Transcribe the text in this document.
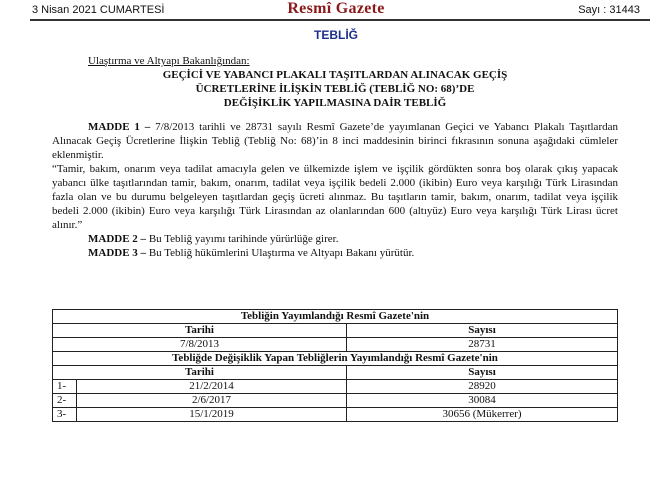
3 Nisan 2021 CUMARTESİ	Resmî Gazete	Sayı : 31443
TEBLİĞ
Ulaştırma ve Altyapı Bakanlığından:
GEÇİCİ VE YABANCI PLAKALI TAŞITLARDAN ALINACAK GEÇİŞ
ÜCRETLERİNE İLİŞKİN TEBLİĞ (TEBLİĞ NO: 68)’DE
DEĞİŞİKLİK YAPILMASINA DAİR TEBLİĞ

MADDE 1 – 7/8/2013 tarihli ve 28731 sayılı Resmî Gazete’de yayımlanan Geçici ve Yabancı Plakalı Taşıtlardan Alınacak Geçiş Ücretlerine İlişkin Tebliğ (Tebliğ No: 68)’in 8 inci maddesinin birinci fıkrasının sonuna aşağıdaki cümleler eklenmiştir.

“Tamir, bakım, onarım veya tadilat amacıyla gelen ve ülkemizde işlem ve işçilik gördükten sonra boş olarak çıkış yapacak yabancı ülke taşıtlarından tamir, bakım, onarım, tadilat veya işçilik bedeli 2.000 (ikibin) Euro veya karşılığı Türk Lirasından fazla olan ve bu durumu belgeleyen taşıtlardan geçiş ücreti alınmaz. Bu taşıtların tamir, bakım, onarım, tadilat veya işçilik bedeli 2.000 (ikibin) Euro veya karşılığı Türk Lirasından az olanlarından 600 (altıyüz) Euro veya karşılığı Türk Lirası ücret alınır.”

MADDE 2 – Bu Tebliğ yayımı tarihinde yürürlüğe girer.

MADDE 3 – Bu Tebliğ hükümlerini Ulaştırma ve Altyapı Bakanı yürütür.

Tebliğin Yayımlandığı Resmî Gazete'nin		
Tarihi		Sayısı
7/8/2013		28731
Tebliğde Değişiklik Yapan Tebliğlerin Yayımlandığı Resmî Gazete'nin		
Tarihi		Sayısı
1-	21/2/2014	28920
2-	2/6/2017	30084
3-	15/1/2019	30656 (Mükerrer)
